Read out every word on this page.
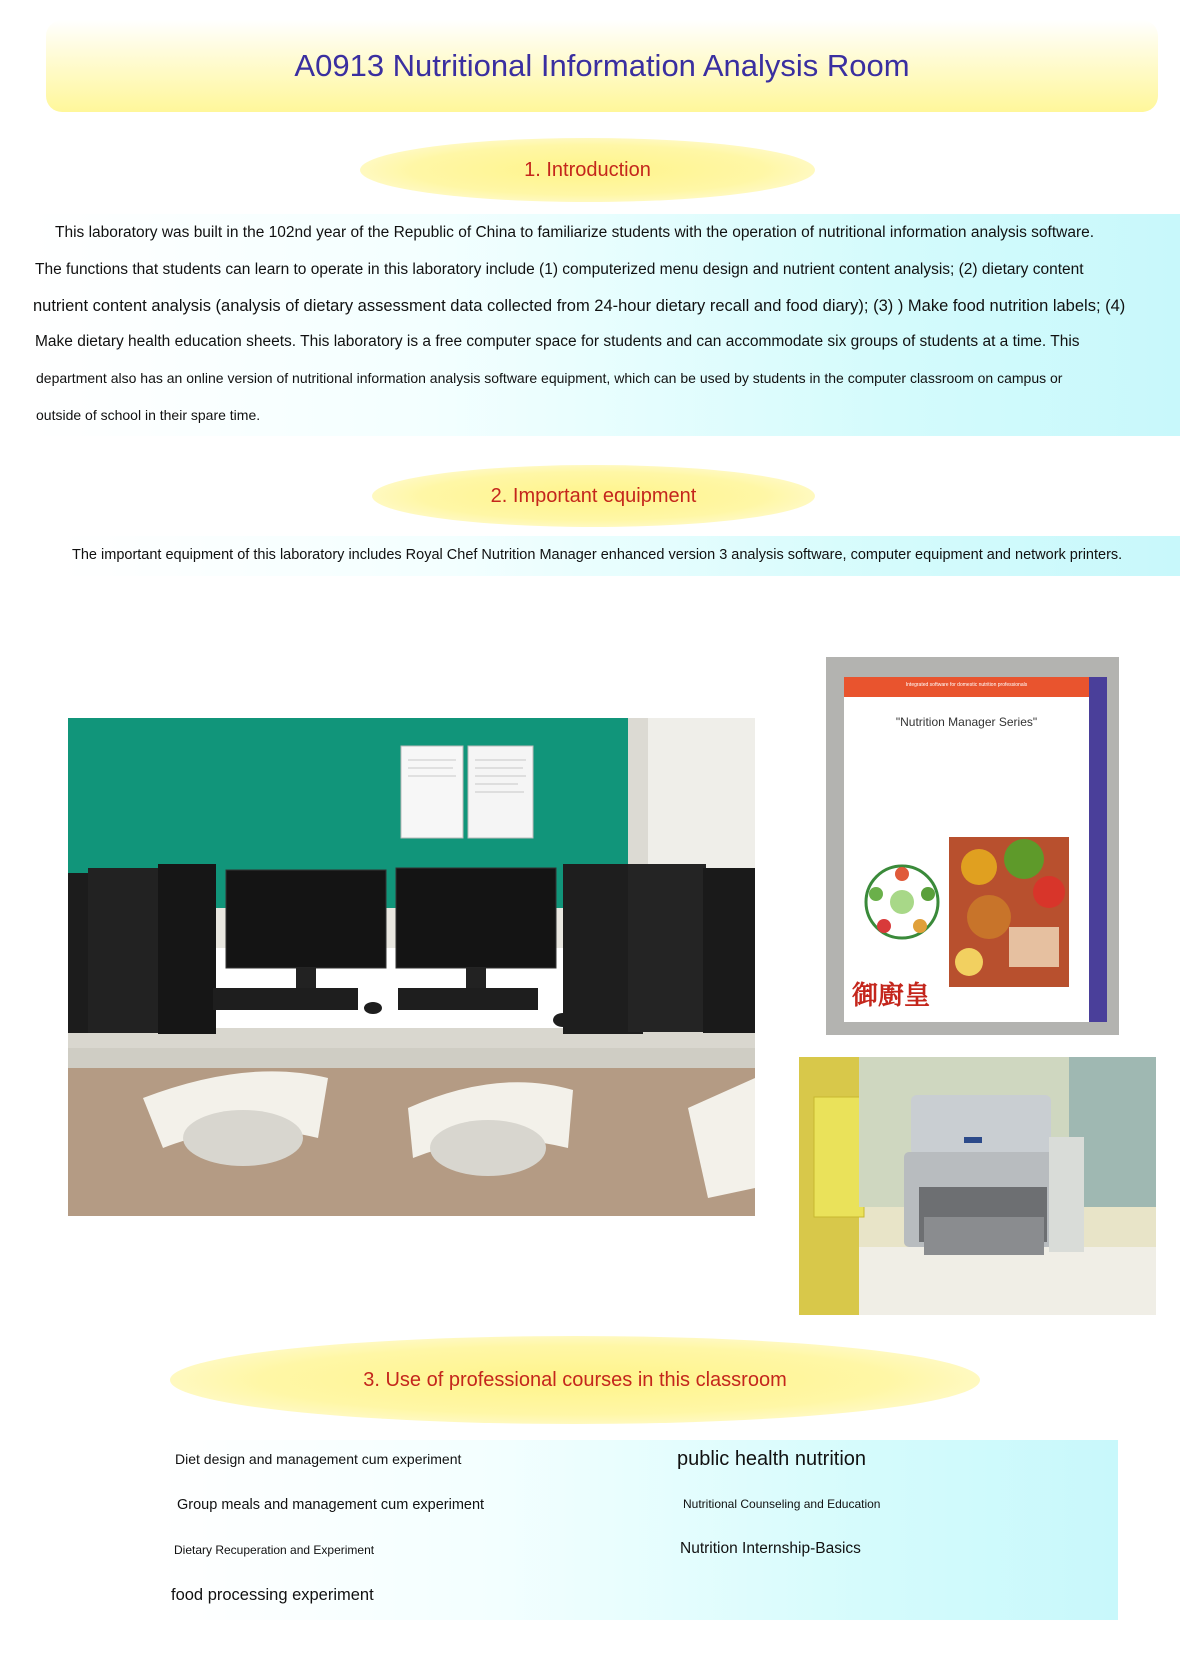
A0913 Nutritional Information Analysis Room
1. Introduction
This laboratory was built in the 102nd year of the Republic of China to familiarize students with the operation of nutritional information analysis software.
The functions that students can learn to operate in this laboratory include (1) computerized menu design and nutrient content analysis; (2) dietary content
nutrient content analysis (analysis of dietary assessment data collected from 24-hour dietary recall and food diary); (3) ) Make food nutrition labels; (4)
Make dietary health education sheets. This laboratory is a free computer space for students and can accommodate six groups of students at a time. This
department also has an online version of nutritional information analysis software equipment, which can be used by students in the computer classroom on campus or
outside of school in their spare time.
2. Important equipment
The important equipment of this laboratory includes Royal Chef Nutrition Manager enhanced version 3 analysis software, computer equipment and network printers.
Integrated software for domestic nutrition professionals
"Nutrition Manager Series"
御廚皇
3. Use of professional courses in this classroom
Diet design and management cum experiment
Group meals and management cum experiment
Dietary Recuperation and Experiment
food processing experiment
public health nutrition
Nutritional Counseling and Education
Nutrition Internship-Basics
